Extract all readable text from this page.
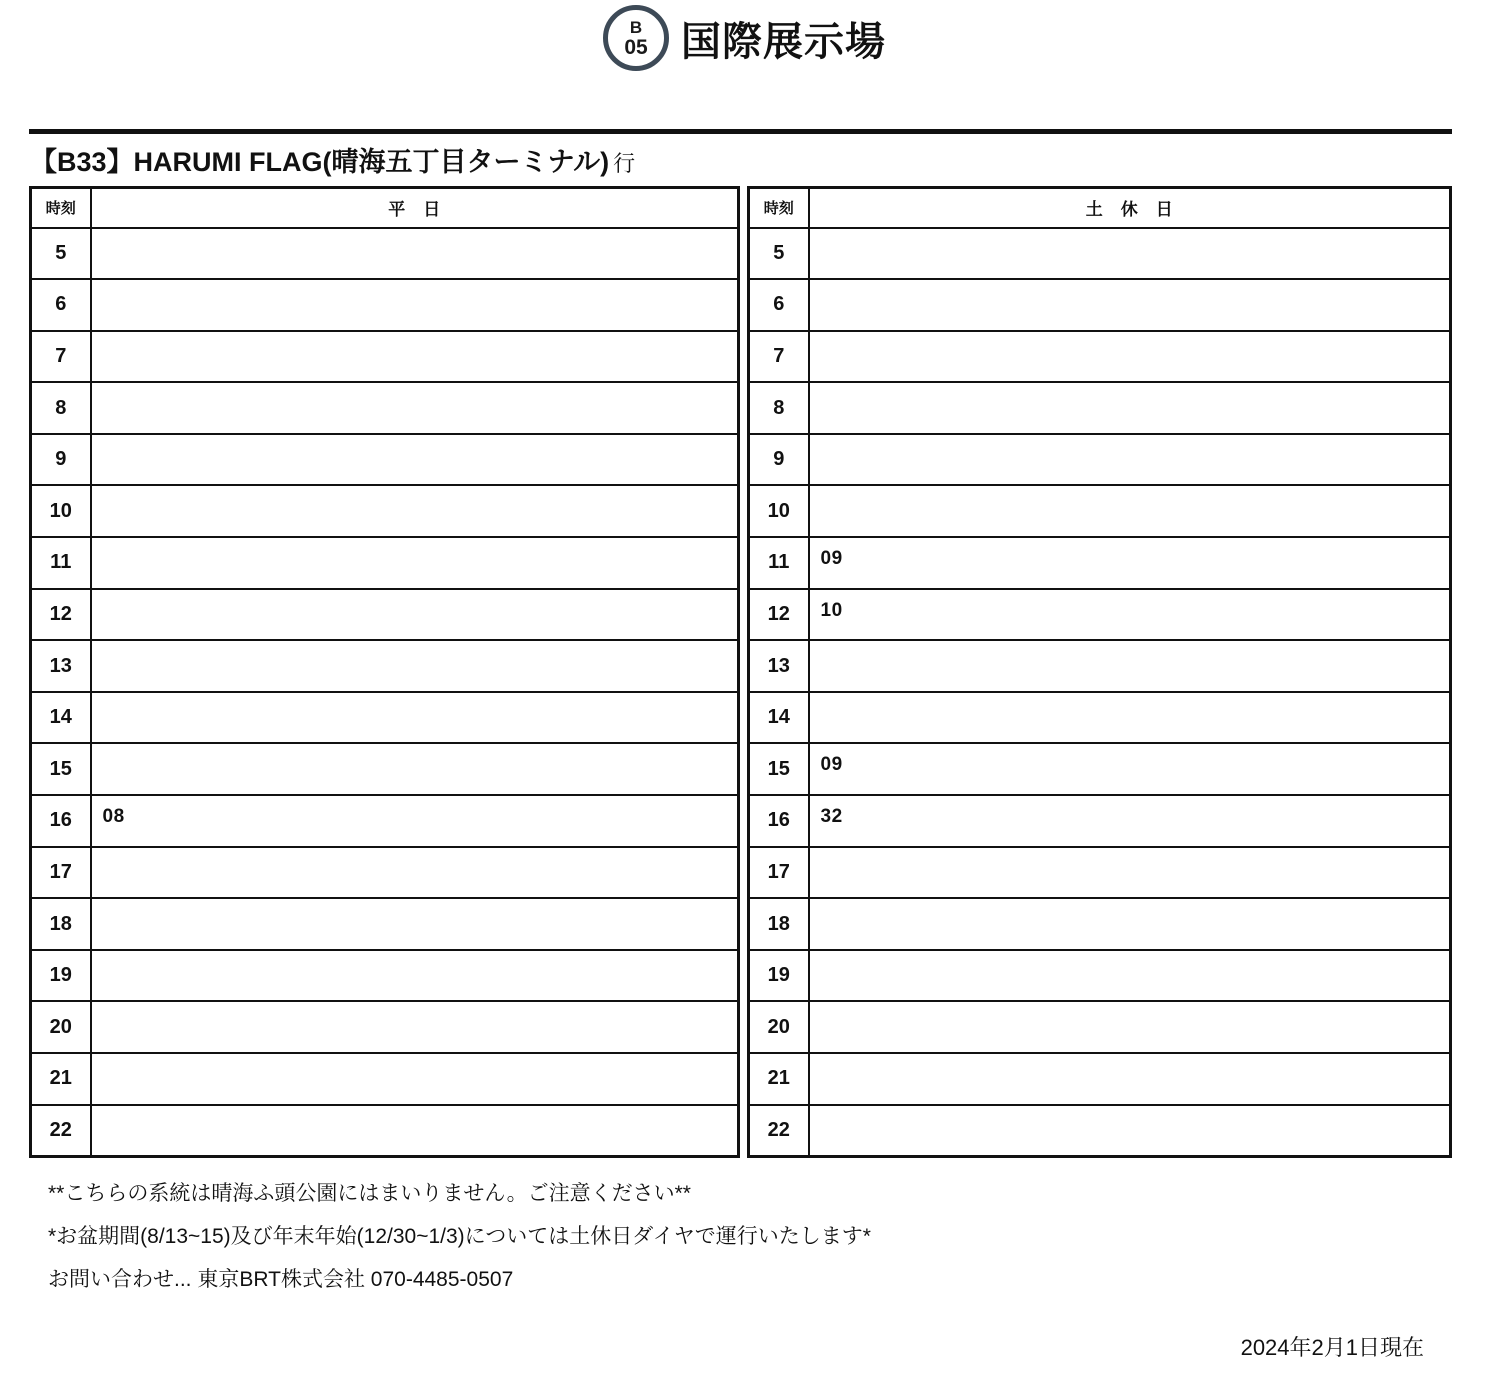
B
05 国際展示場
【B33】HARUMI FLAG(晴海五丁目ターミナル) 行
時刻	平日
5	
6	
7	
8	
9	
10	
11	
12	
13	
14	
15	
16	08
17	
18	
19	
20	
21	
22	
時刻	土休日
5	
6	
7	
8	
9	
10	
11	09
12	10
13	
14	
15	09
16	32
17	
18	
19	
20	
21	
22	

**こちらの系統は晴海ふ頭公園にはまいりません。ご注意ください**

*お盆期間(8/13~15)及び年末年始(12/30~1/3)については土休日ダイヤで運行いたします*

お問い合わせ... 東京BRT株式会社 070-4485-0507

2024年2月1日現在
